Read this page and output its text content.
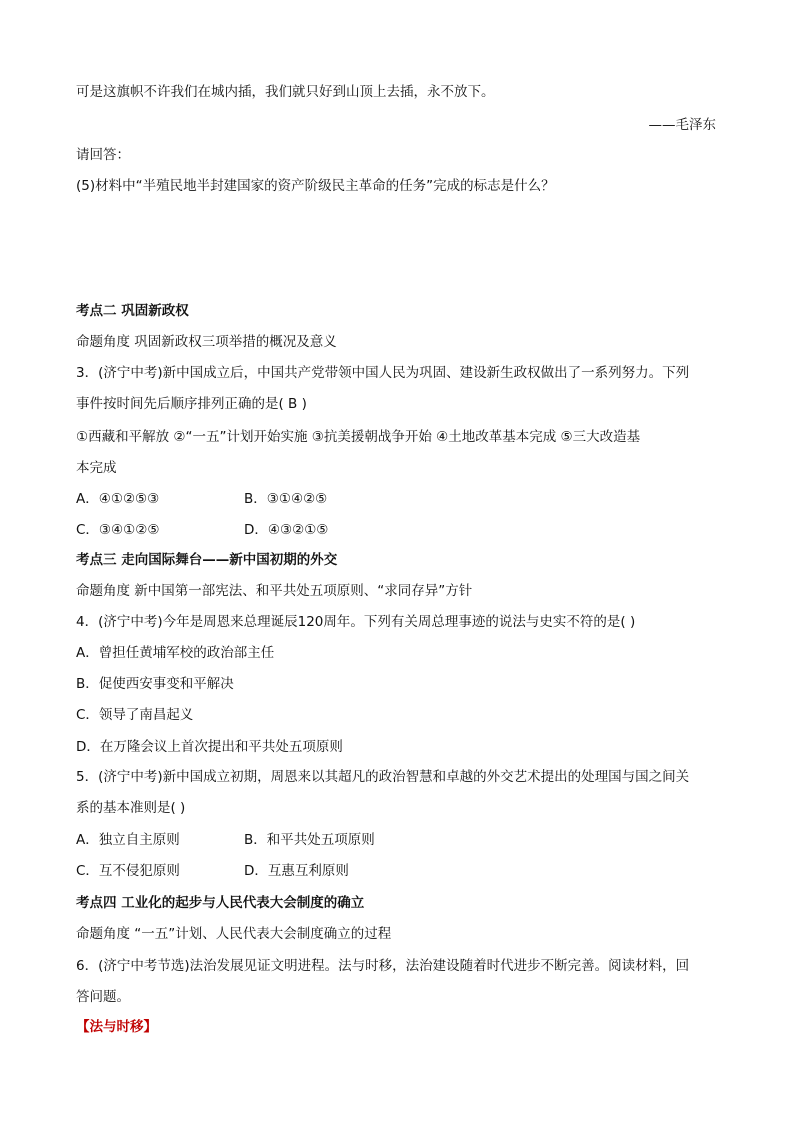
可是这旗帜不许我们在城内插，我们就只好到山顶上去插，永不放下。
——毛泽东
请回答：
(5)材料中“半殖民地半封建国家的资产阶级民主革命的任务”完成的标志是什么？
考点二 巩固新政权
命题角度 巩固新政权三项举措的概况及意义
3．(济宁中考)新中国成立后，中国共产党带领中国人民为巩固、建设新生政权做出了一系列努力。下列
事件按时间先后顺序排列正确的是( B )
①西藏和平解放 ②“一五”计划开始实施 ③抗美援朝战争开始 ④土地改革基本完成 ⑤三大改造基
本完成
A．④①②⑤③	B．③①④②⑤
C．③④①②⑤	D．④③②①⑤
考点三 走向国际舞台——新中国初期的外交
命题角度 新中国第一部宪法、和平共处五项原则、“求同存异”方针
4．(济宁中考)今年是周恩来总理诞辰120周年。下列有关周总理事迹的说法与史实不符的是( )
A．曾担任黄埔军校的政治部主任
B．促使西安事变和平解决
C．领导了南昌起义
D．在万隆会议上首次提出和平共处五项原则
5．(济宁中考)新中国成立初期，周恩来以其超凡的政治智慧和卓越的外交艺术提出的处理国与国之间关
系的基本准则是( )
A．独立自主原则	B．和平共处五项原则
C．互不侵犯原则	D．互惠互利原则
考点四 工业化的起步与人民代表大会制度的确立
命题角度 “一五”计划、人民代表大会制度确立的过程
6．(济宁中考节选)法治发展见证文明进程。法与时移，法治建设随着时代进步不断完善。阅读材料，回
答问题。
【法与时移】
